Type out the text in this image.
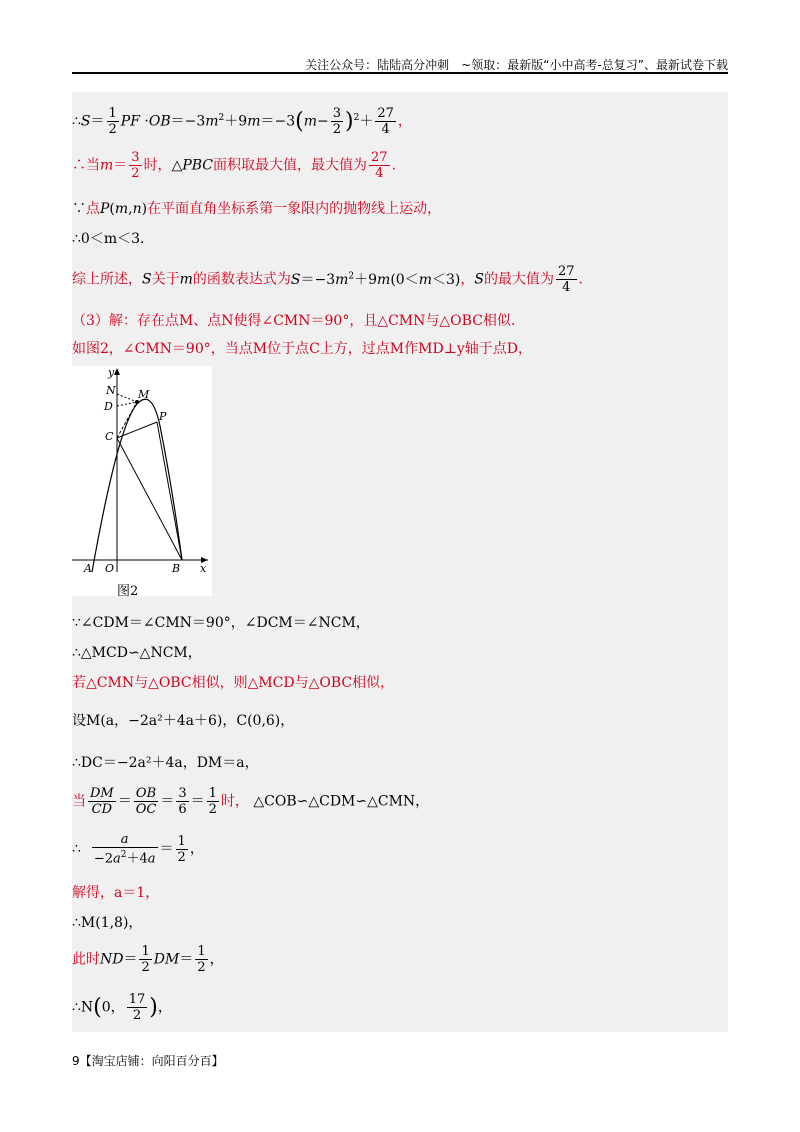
关注公众号：陆陆高分冲刺　~领取：最新版“小中高考-总复习”、最新试卷下载
∴S＝ $\frac{1}{2}$ PF $\cdot OB=-3m^2+9m=-3(m- \frac{3}{2} )^2+ \frac{27}{4}$ ，
∴当$m= \frac{3}{2}$ 时，△PBC面积取最大值，最大值为 $\frac{27}{4}$ .
∵点P(m,n)在平面直角坐标系第一象限内的抛物线上运动，
∴0＜m＜3.
综上所述，S关于m的函数表达式为$S=-3m^2+9m(0<m<3)$，S的最大值为 $\frac{27}{4}$ .
（3）解：存在点M、点N使得∠CMN＝90°，且△CMN与△OBC相似.
如图2，∠CMN＝90°，当点M位于点C上方，过点M作MD⊥y轴于点D，
y
x
N M
D
C
P
A O	B
图2
∵∠CDM＝∠CMN＝90°，∠DCM＝∠NCM，
∴△MCD∽△NCM，
若△CMN与△OBC相似，则△MCD与△OBC相似，
设M(a，−2a²＋4a＋6)，C(0,6)，
∴DC＝−2a²＋4a，DM＝a，
当 $\frac{DM}{CD} = \frac{OB}{OC} = \frac{3}{6} = \frac{1}{2}$ 时， △COB∽△CDM∽△CMN，
∴ $\frac{a}{-2a^2+4a} = \frac{1}{2}$ ，
解得，a＝1，
∴M(1,8)，
此时$ND= \frac{1}{2} DM= \frac{1}{2}$ ，
∴N(0， $\frac{17}{2}$ )，
9【淘宝店铺：向阳百分百】
